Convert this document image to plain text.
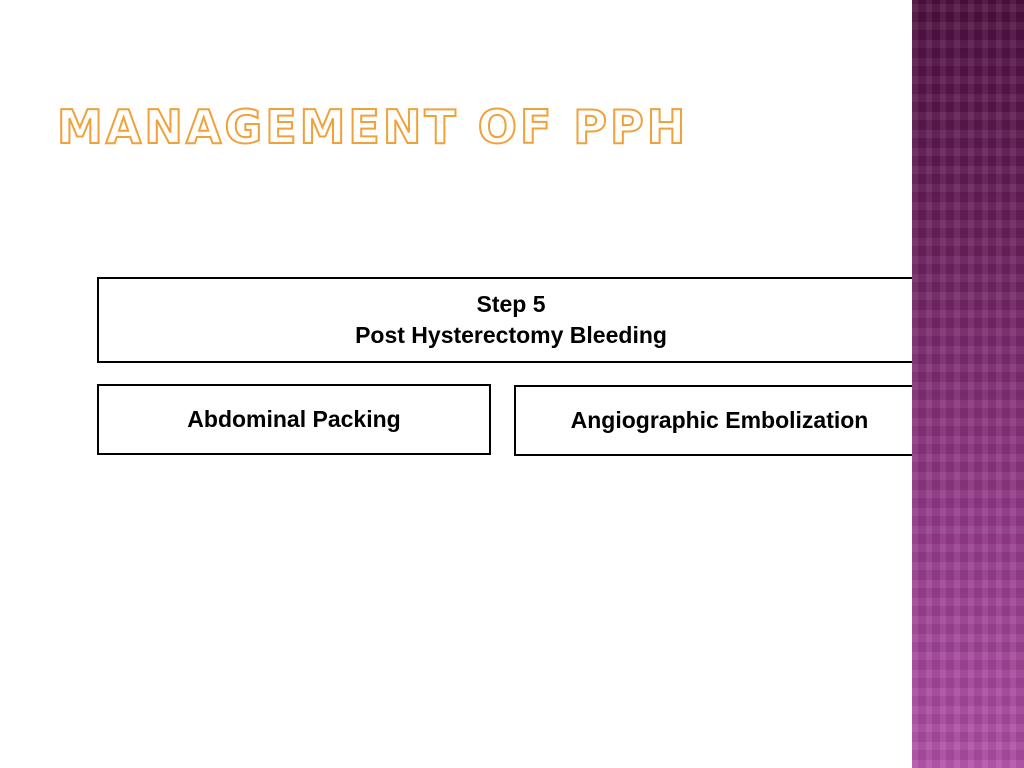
MANAGEMENT OF PPH
Step 5
Post Hysterectomy Bleeding
Abdominal Packing	Angiographic Embolization
